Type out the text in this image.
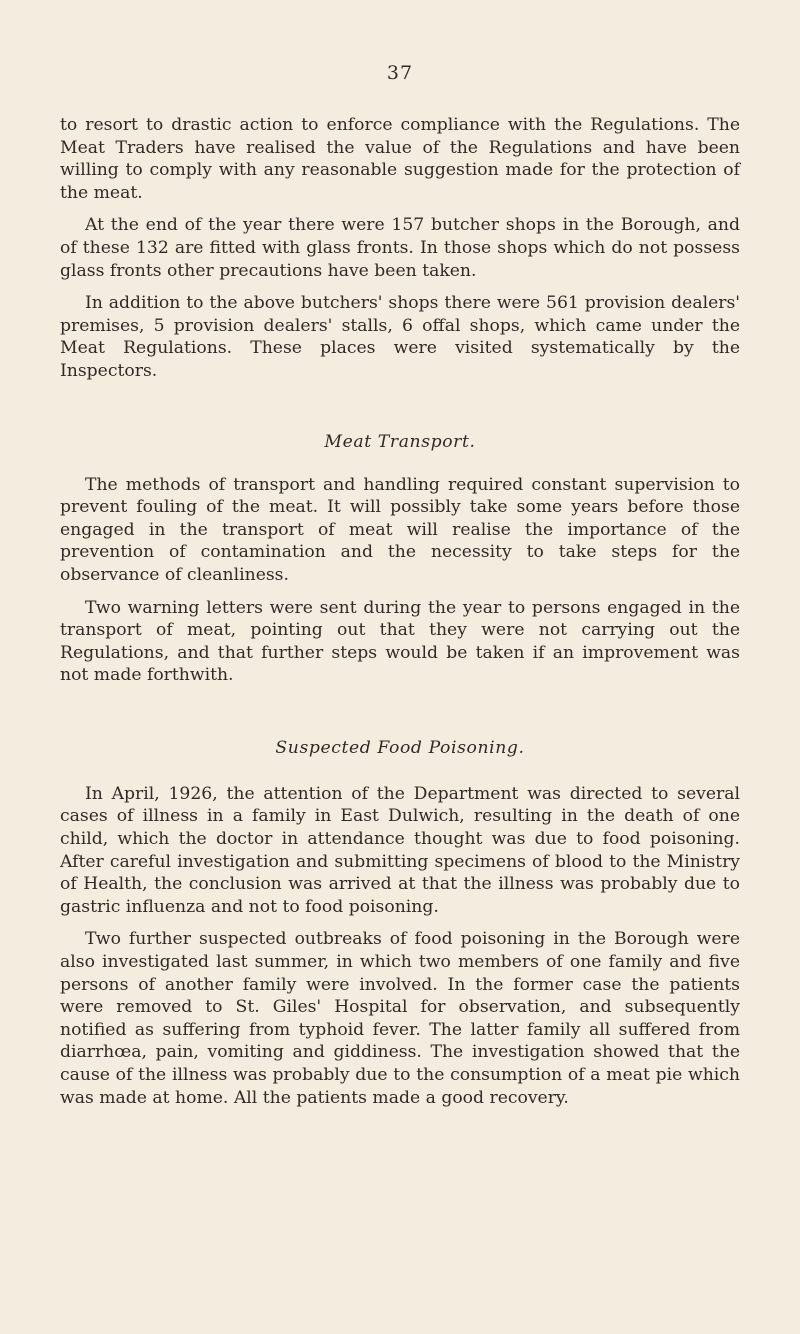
37

to resort to drastic action to enforce compliance with the Regulations. The Meat Traders have realised the value of the Regulations and have been willing to comply with any reasonable suggestion made for the protection of the meat.

At the end of the year there were 157 butcher shops in the Borough, and of these 132 are fitted with glass fronts. In those shops which do not possess glass fronts other precautions have been taken.

In addition to the above butchers' shops there were 561 provision dealers' premises, 5 provision dealers' stalls, 6 offal shops, which came under the Meat Regulations. These places were visited systematically by the Inspectors.

Meat Transport.

The methods of transport and handling required constant supervision to prevent fouling of the meat. It will possibly take some years before those engaged in the transport of meat will realise the importance of the prevention of contamination and the necessity to take steps for the observance of cleanliness.

Two warning letters were sent during the year to persons engaged in the transport of meat, pointing out that they were not carrying out the Regulations, and that further steps would be taken if an improvement was not made forthwith.

Suspected Food Poisoning.

In April, 1926, the attention of the Department was directed to several cases of illness in a family in East Dulwich, resulting in the death of one child, which the doctor in attendance thought was due to food poisoning. After careful investigation and submitting specimens of blood to the Ministry of Health, the conclusion was arrived at that the illness was probably due to gastric influenza and not to food poisoning.

Two further suspected outbreaks of food poisoning in the Borough were also investigated last summer, in which two members of one family and five persons of another family were involved. In the former case the patients were removed to St. Giles' Hospital for observation, and subsequently notified as suffering from typhoid fever. The latter family all suffered from diarrhœa, pain, vomiting and giddiness. The investigation showed that the cause of the illness was probably due to the consumption of a meat pie which was made at home. All the patients made a good recovery.
